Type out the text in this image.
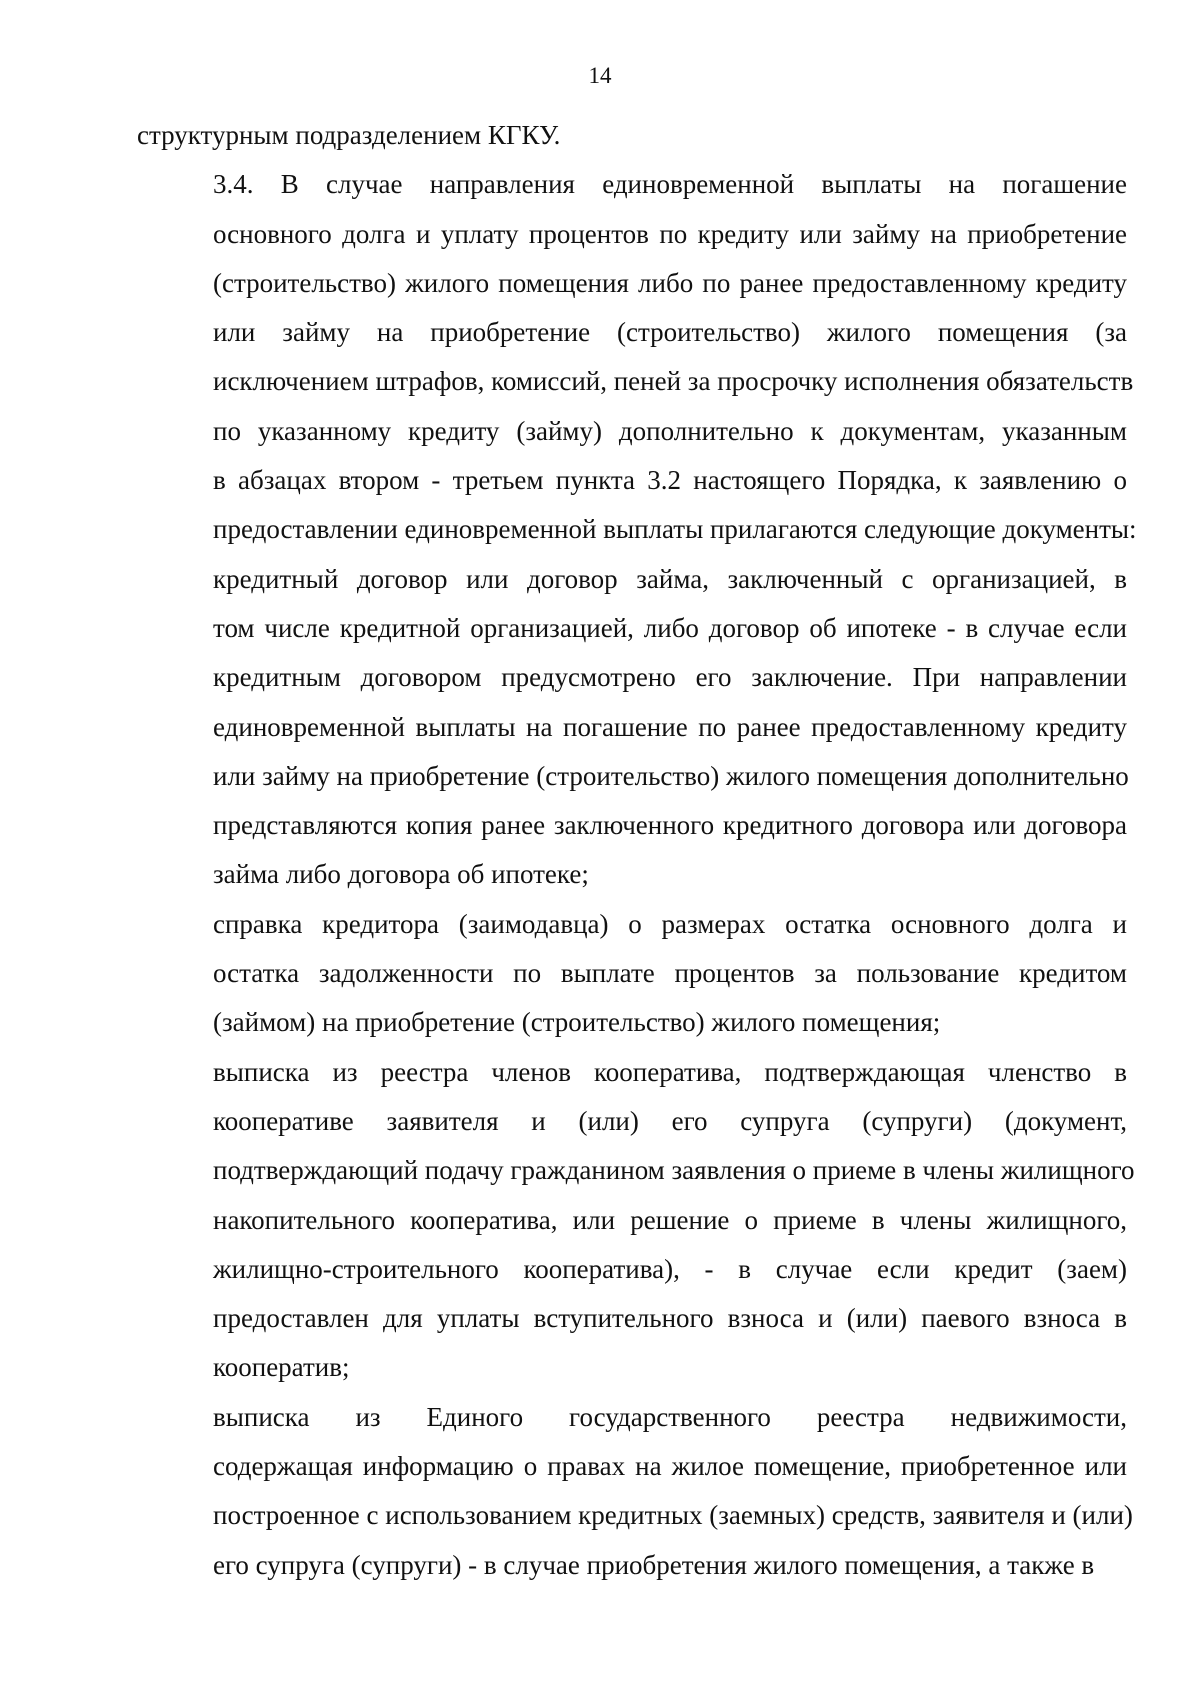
14

структурным подразделением КГКУ.

3.4. В случае направления единовременной выплаты на погашение
основного долга и уплату процентов по кредиту или займу на приобретение
(строительство) жилого помещения либо по ранее предоставленному кредиту
или займу на приобретение (строительство) жилого помещения (за
исключением штрафов, комиссий, пеней за просрочку исполнения обязательств
по указанному кредиту (займу) дополнительно к документам, указанным
в абзацах втором - третьем пункта 3.2 настоящего Порядка, к заявлению о
предоставлении единовременной выплаты прилагаются следующие документы:

кредитный договор или договор займа, заключенный с организацией, в
том числе кредитной организацией, либо договор об ипотеке - в случае если
кредитным договором предусмотрено его заключение. При направлении
единовременной выплаты на погашение по ранее предоставленному кредиту
или займу на приобретение (строительство) жилого помещения дополнительно
представляются копия ранее заключенного кредитного договора или договора
займа либо договора об ипотеке;

справка кредитора (заимодавца) о размерах остатка основного долга и
остатка задолженности по выплате процентов за пользование кредитом
(займом) на приобретение (строительство) жилого помещения;

выписка из реестра членов кооператива, подтверждающая членство в
кооперативе заявителя и (или) его супруга (супруги) (документ,
подтверждающий подачу гражданином заявления о приеме в члены жилищного
накопительного кооператива, или решение о приеме в члены жилищного,
жилищно-строительного кооператива), - в случае если кредит (заем)
предоставлен для уплаты вступительного взноса и (или) паевого взноса в
кооператив;

выписка из Единого государственного реестра недвижимости,
содержащая информацию о правах на жилое помещение, приобретенное или
построенное с использованием кредитных (заемных) средств, заявителя и (или)
его супруга (супруги) - в случае приобретения жилого помещения, а также в
